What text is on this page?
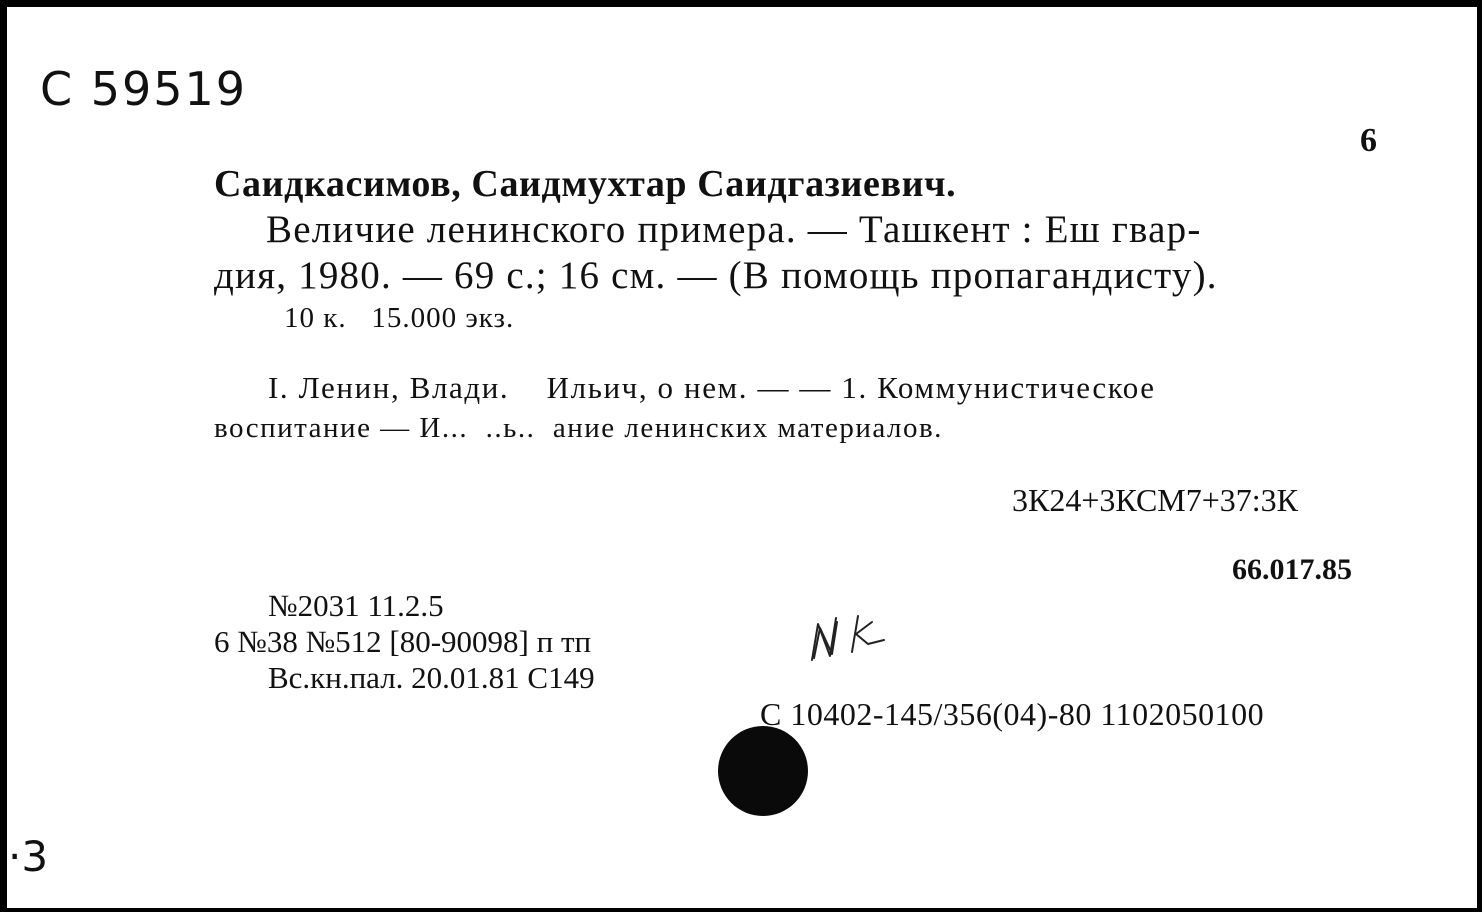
С 59519
6
Саидкасимов, Саидмухтар Саидгазиевич.
Величие ленинского примера. — Ташкент : Еш гвар-
дия, 1980. — 69 с.; 16 см. — (В помощь пропагандисту).
10 к.   15.000 экз.
I. Ленин, Влади.    Ильич, о нем. — — 1. Коммунистическое
воспитание — И...  ..ь..  ание ленинских материалов.
3К24+3КСМ7+37:3К
66.017.85
№2031 11.2.5
6 №38 №512 [80-90098] п тп
Вс.кн.пал. 20.01.81 С149
С 10402-145/356(04)-80 1102050100
·3
